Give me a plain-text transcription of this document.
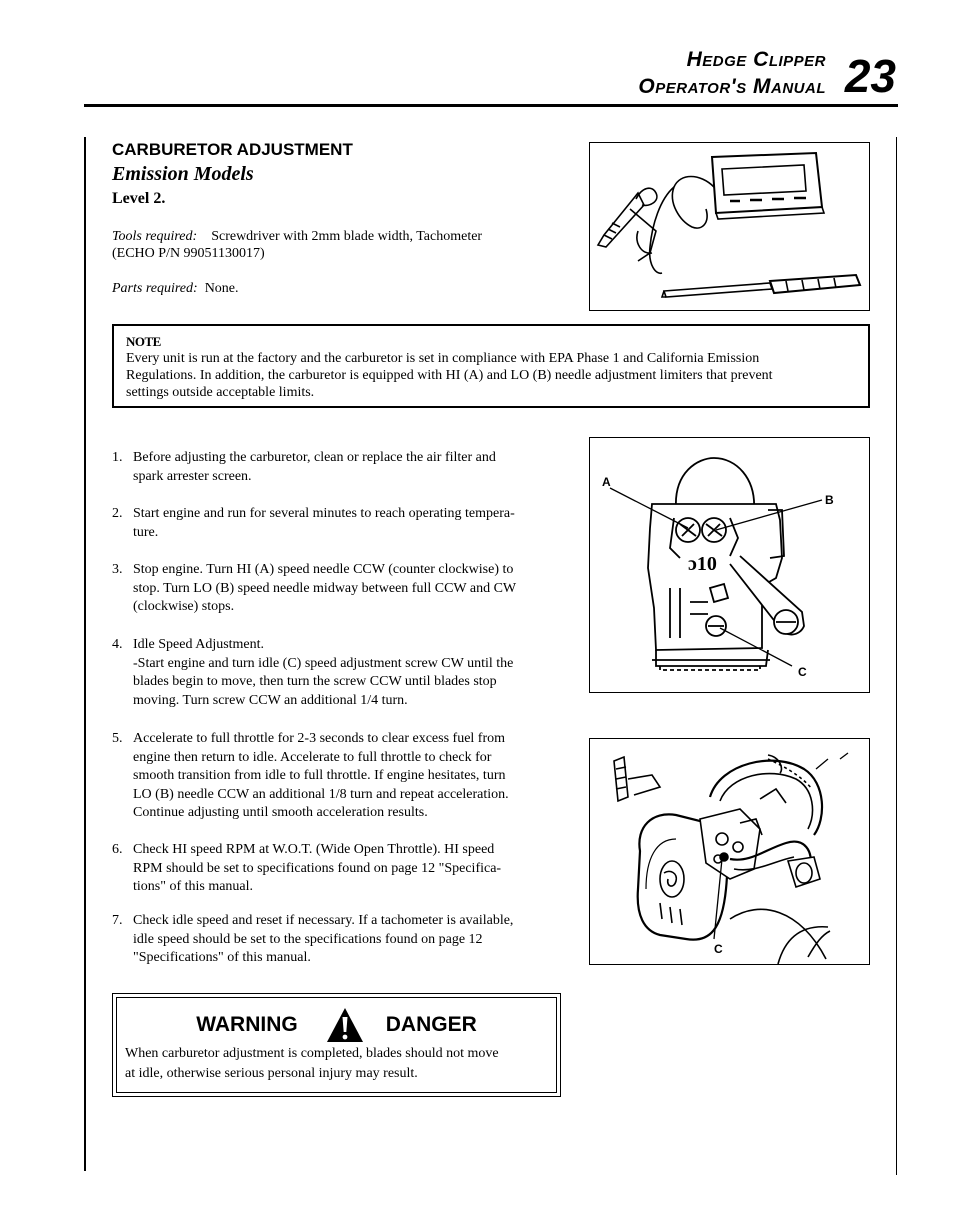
Hedge Clipper
Operator's Manual 23
CARBURETOR ADJUSTMENT
Emission Models
Level 2.
Tools required: Screwdriver with 2mm blade width, Tachometer
(ECHO P/N 99051130017)
Parts required: None.
NOTE
Every unit is run at the factory and the carburetor is set in compliance with EPA Phase 1 and California Emission
Regulations. In addition, the carburetor is equipped with HI (A) and LO (B) needle adjustment limiters that prevent
settings outside acceptable limits.
1. Before adjusting the carburetor, clean or replace the air filter and
spark arrester screen.
2. Start engine and run for several minutes to reach operating tempera-
ture.
3. Stop engine. Turn HI (A) speed needle CCW (counter clockwise) to
stop. Turn LO (B) speed needle midway between full CCW and CW
(clockwise) stops.
4. Idle Speed Adjustment.
-Start engine and turn idle (C) speed adjustment screw CW until the
blades begin to move, then turn the screw CCW until blades stop
moving. Turn screw CCW an additional 1/4 turn.
5. Accelerate to full throttle for 2-3 seconds to clear excess fuel from
engine then return to idle. Accelerate to full throttle to check for
smooth transition from idle to full throttle. If engine hesitates, turn
LO (B) needle CCW an additional 1/8 turn and repeat acceleration.
Continue adjusting until smooth acceleration results.
6. Check HI speed RPM at W.O.T. (Wide Open Throttle). HI speed
RPM should be set to specifications found on page 12 "Specifica-
tions" of this manual.
7. Check idle speed and reset if necessary. If a tachometer is available,
idle speed should be set to the specifications found on page 12
"Specifications" of this manual.
ɔ10
A
B
C
C
WARNING	DANGER
When carburetor adjustment is completed, blades should not move
at idle, otherwise serious personal injury may result.
